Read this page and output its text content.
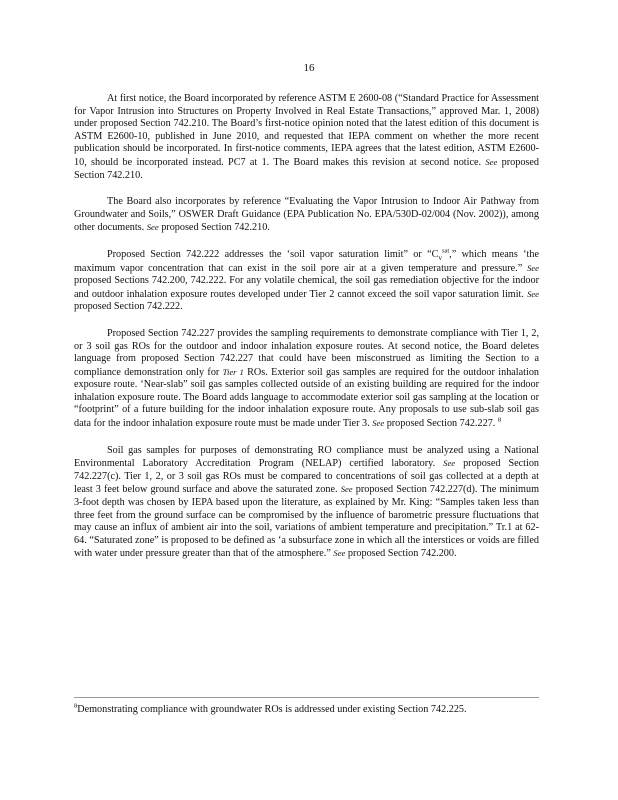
16

At first notice, the Board incorporated by reference ASTM E 2600-08 (“Standard Practice for Assessment for Vapor Intrusion into Structures on Property Involved in Real Estate Transactions,” approved Mar. 1, 2008) under proposed Section 742.210. The Board’s first-notice opinion noted that the latest edition of this document is ASTM E2600-10, published in June 2010, and requested that IEPA comment on whether the more recent publication should be incorporated. In first-notice comments, IEPA agrees that the latest edition, ASTM E2600-10, should be incorporated instead. PC7 at 1. The Board makes this revision at second notice. See proposed Section 742.210.

The Board also incorporates by reference “Evaluating the Vapor Intrusion to Indoor Air Pathway from Groundwater and Soils,” OSWER Draft Guidance (EPA Publication No. EPA/530D-02/004 (Nov. 2002)), among other documents. See proposed Section 742.210.

Proposed Section 742.222 addresses the ‘soil vapor saturation limit” or “$C_v^{sat}$,” which means ‘the maximum vapor concentration that can exist in the soil pore air at a given temperature and pressure.” See proposed Sections 742.200, 742.222. For any volatile chemical, the soil gas remediation objective for the indoor and outdoor inhalation exposure routes developed under Tier 2 cannot exceed the soil vapor saturation limit. See proposed Section 742.222.

Proposed Section 742.227 provides the sampling requirements to demonstrate compliance with Tier 1, 2, or 3 soil gas ROs for the outdoor and indoor inhalation exposure routes. At second notice, the Board deletes language from proposed Section 742.227 that could have been misconstrued as limiting the Section to a compliance demonstration only for Tier 1 ROs. Exterior soil gas samples are required for the outdoor inhalation exposure route. ‘Near-slab” soil gas samples collected outside of an existing building are required for the indoor inhalation exposure route. The Board adds language to accommodate exterior soil gas sampling at the location or “footprint” of a future building for the indoor inhalation exposure route. Any proposals to use sub-slab soil gas data for the indoor inhalation exposure route must be made under Tier 3. See proposed Section 742.227. $^8$

Soil gas samples for purposes of demonstrating RO compliance must be analyzed using a National Environmental Laboratory Accreditation Program (NELAP) certified laboratory. See proposed Section 742.227(c). Tier 1, 2, or 3 soil gas ROs must be compared to concentrations of soil gas collected at a depth at least 3 feet below ground surface and above the saturated zone. See proposed Section 742.227(d). The minimum 3-foot depth was chosen by IEPA based upon the literature, as explained by Mr. King: “Samples taken less than three feet from the ground surface can be compromised by the influence of barometric pressure fluctuations that may cause an influx of ambient air into the soil, variations of ambient temperature and precipitation.” Tr.1 at 62-64. “Saturated zone” is proposed to be defined as ‘a subsurface zone in which all the interstices or voids are filled with water under pressure greater than that of the atmosphere.” See proposed Section 742.200.

$^8$Demonstrating compliance with groundwater ROs is addressed under existing Section 742.225.
